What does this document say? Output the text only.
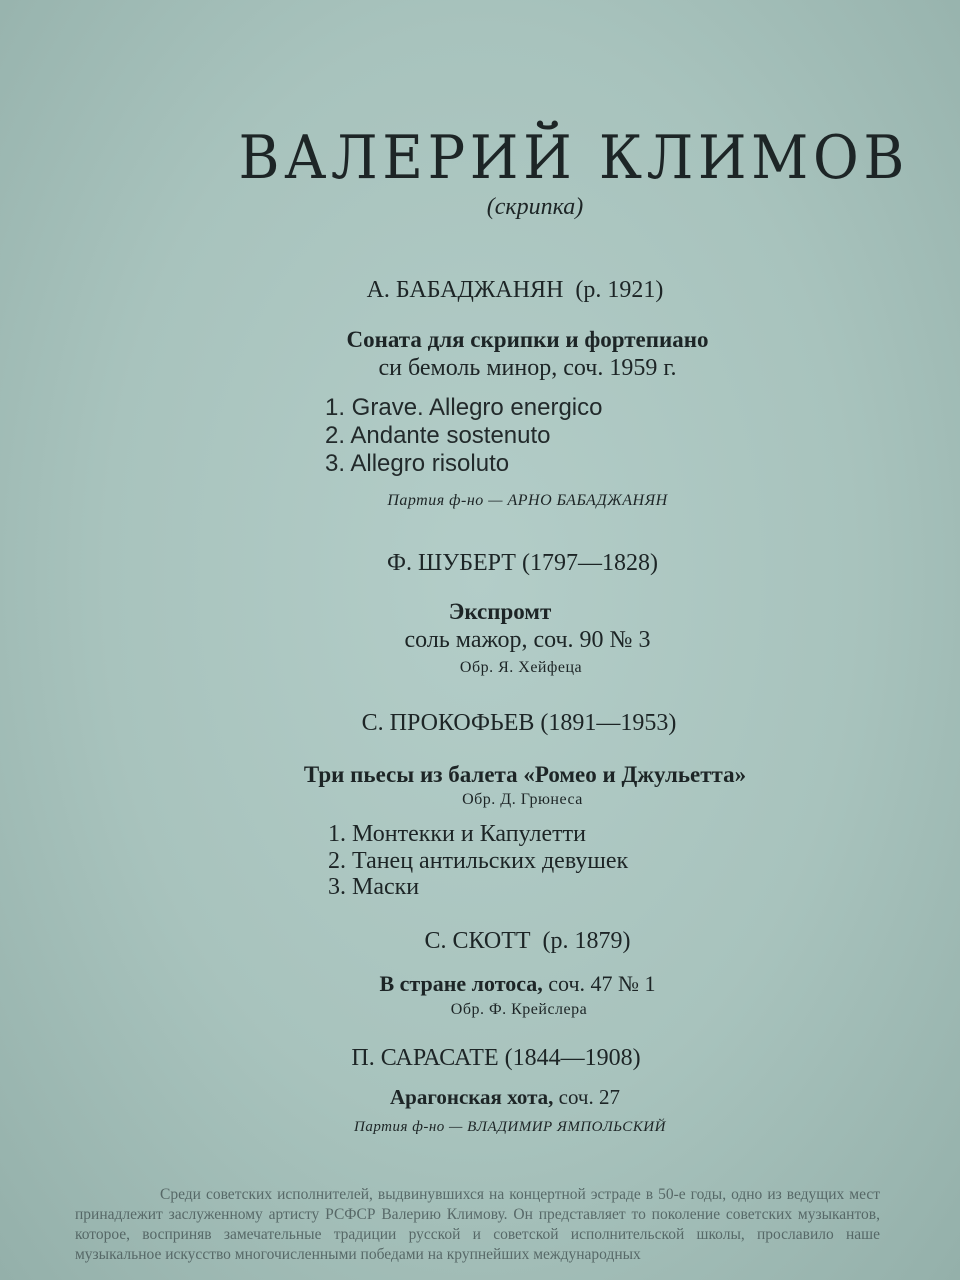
ВАЛЕРИЙ КЛИМОВ
(скрипка)
А. БАБАДЖАНЯН (р. 1921)
Соната для скрипки и фортепиано
си бемоль минор, соч. 1959 г.
1. Grave. Allegro energico
2. Andante sostenuto
3. Allegro risoluto
Партия ф-но — АРНО БАБАДЖАНЯН
Ф. ШУБЕРТ (1797—1828)
Экспромт
соль мажор, соч. 90 № 3
Обр. Я. Хейфеца
С. ПРОКОФЬЕВ (1891—1953)
Три пьесы из балета «Ромео и Джульетта»
Обр. Д. Грюнеса
1. Монтекки и Капулетти
2. Танец антильских девушек
3. Маски
С. СКОТТ (р. 1879)
В стране лотоса, соч. 47 № 1
Обр. Ф. Крейслера
П. САРАСАТЕ (1844—1908)
Арагонская хота, соч. 27
Партия ф-но — ВЛАДИМИР ЯМПОЛЬСКИЙ
Среди советских исполнителей, выдвинувшихся на концертной эстраде в 50-е годы, одно из ведущих мест принадлежит заслуженному артисту РСФСР Валерию Климову. Он представляет то поколение советских музыкантов, которое, восприняв замечательные традиции русской и советской исполнительской школы, прославило наше музыкальное искусство многочисленными победами на крупнейших международных
